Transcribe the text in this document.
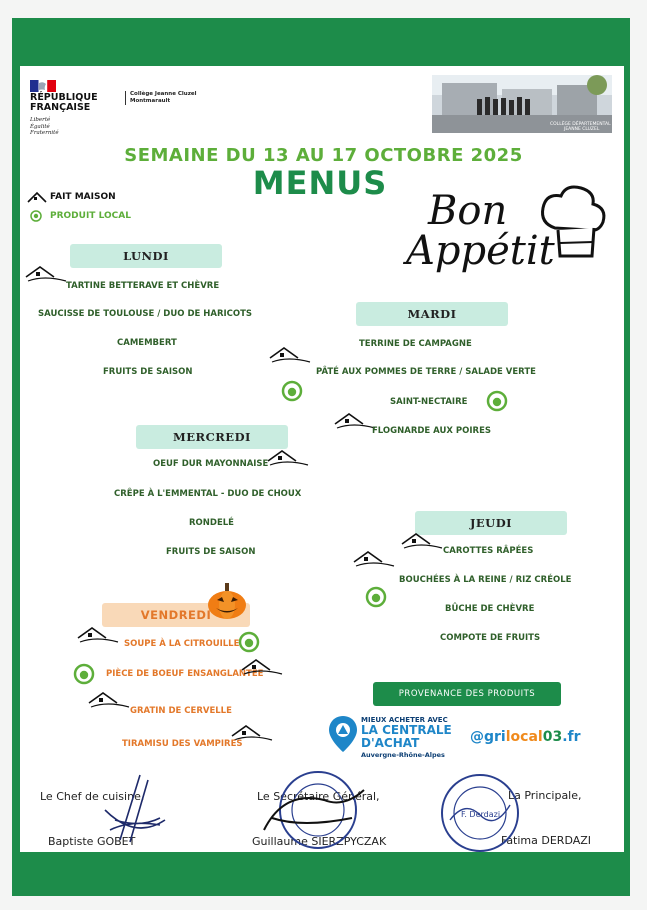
RÉPUBLIQUE
FRANÇAISE
Liberté
Égalité
Fraternité
Collège Jeanne Cluzel
Montmarault
COLLÈGE DÉPARTEMENTAL
JEANNE CLUZEL
SEMAINE DU 13 AU 17 OCTOBRE 2025
MENUS
FAIT MAISON
PRODUIT LOCAL	Bon
Appétit
LUNDI
TARTINE BETTERAVE ET CHÈVRE
SAUCISSE DE TOULOUSE / DUO DE HARICOTS
CAMEMBERT
FRUITS DE SAISON
MARDI
TERRINE DE CAMPAGNE
PÂTÉ AUX POMMES DE TERRE / SALADE VERTE
SAINT-NECTAIRE
FLOGNARDE AUX POIRES
MERCREDI
OEUF DUR MAYONNAISE
CRÊPE À L'EMMENTAL - DUO DE CHOUX
RONDELÉ
FRUITS DE SAISON
JEUDI
CAROTTES RÂPÉES
BOUCHÉES À LA REINE / RIZ CRÉOLE
BÛCHE DE CHÈVRE
COMPOTE DE FRUITS
VENDREDI
SOUPE À LA CITROUILLE
PIÈCE DE BOEUF ENSANGLANTÉE
GRATIN DE CERVELLE
TIRAMISU DES VAMPIRES
PROVENANCE DES PRODUITS
MIEUX ACHETER AVEC
LA CENTRALE
D'ACHAT
Auvergne-Rhône-Alpes
@grilocal03.fr
Le Chef de cuisine,
Baptiste GOBET
Le Secrétaire Général,
Guillaume SIERZPYCZAK
La Principale,
Fatima DERDAZI
F. Derdazi
